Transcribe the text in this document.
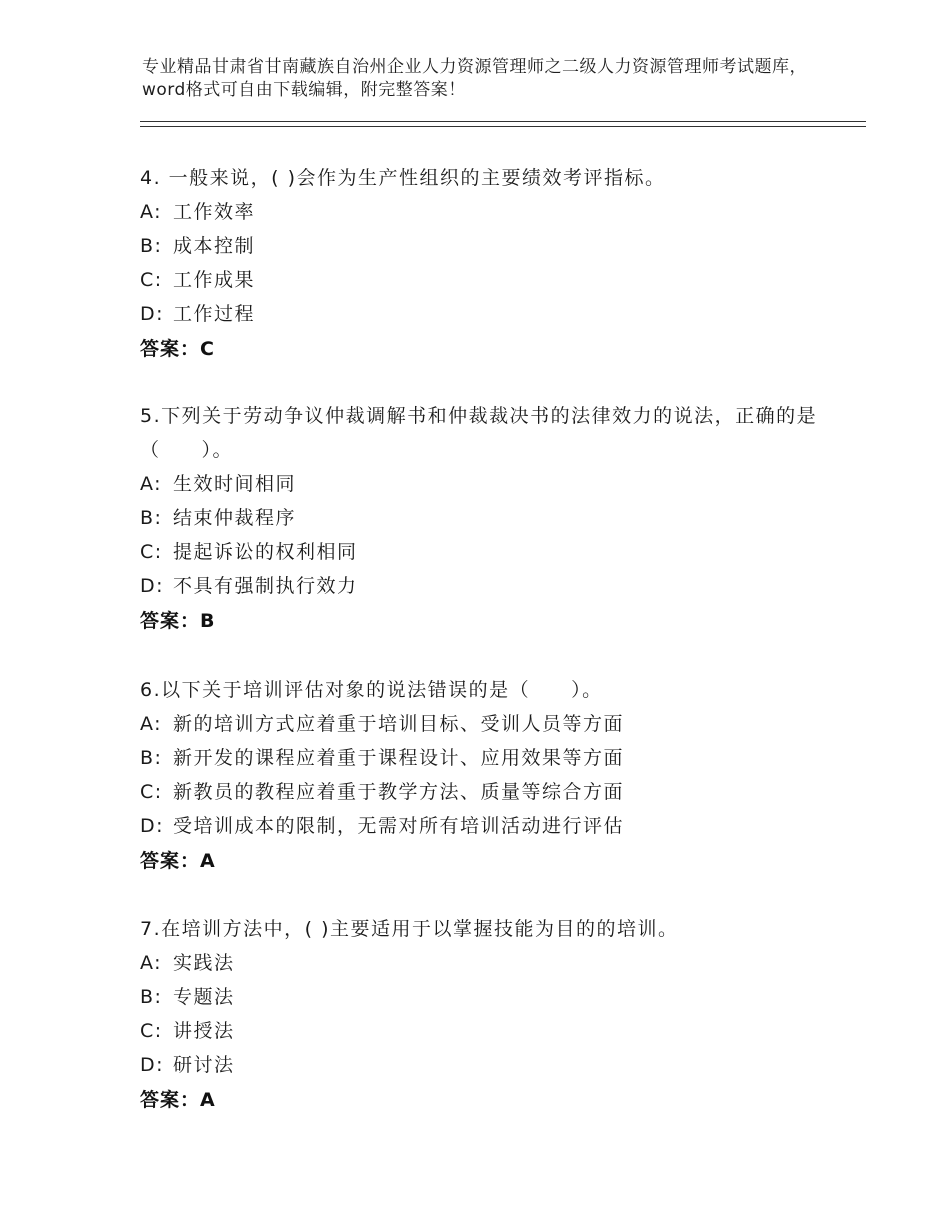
专业精品甘肃省甘南藏族自治州企业人力资源管理师之二级人力资源管理师考试题库，word格式可自由下载编辑，附完整答案！

4. 一般来说，( )会作为生产性组织的主要绩效考评指标。

A: 工作效率

B: 成本控制

C: 工作成果

D: 工作过程

答案：C

5.下列关于劳动争议仲裁调解书和仲裁裁决书的法律效力的说法，正确的是（　　）。

A: 生效时间相同

B: 结束仲裁程序

C: 提起诉讼的权利相同

D: 不具有强制执行效力

答案：B

6.以下关于培训评估对象的说法错误的是（　　）。

A: 新的培训方式应着重于培训目标、受训人员等方面

B: 新开发的课程应着重于课程设计、应用效果等方面

C: 新教员的教程应着重于教学方法、质量等综合方面

D: 受培训成本的限制，无需对所有培训活动进行评估

答案：A

7.在培训方法中，( )主要适用于以掌握技能为目的的培训。

A: 实践法

B: 专题法

C: 讲授法

D: 研讨法

答案：A
